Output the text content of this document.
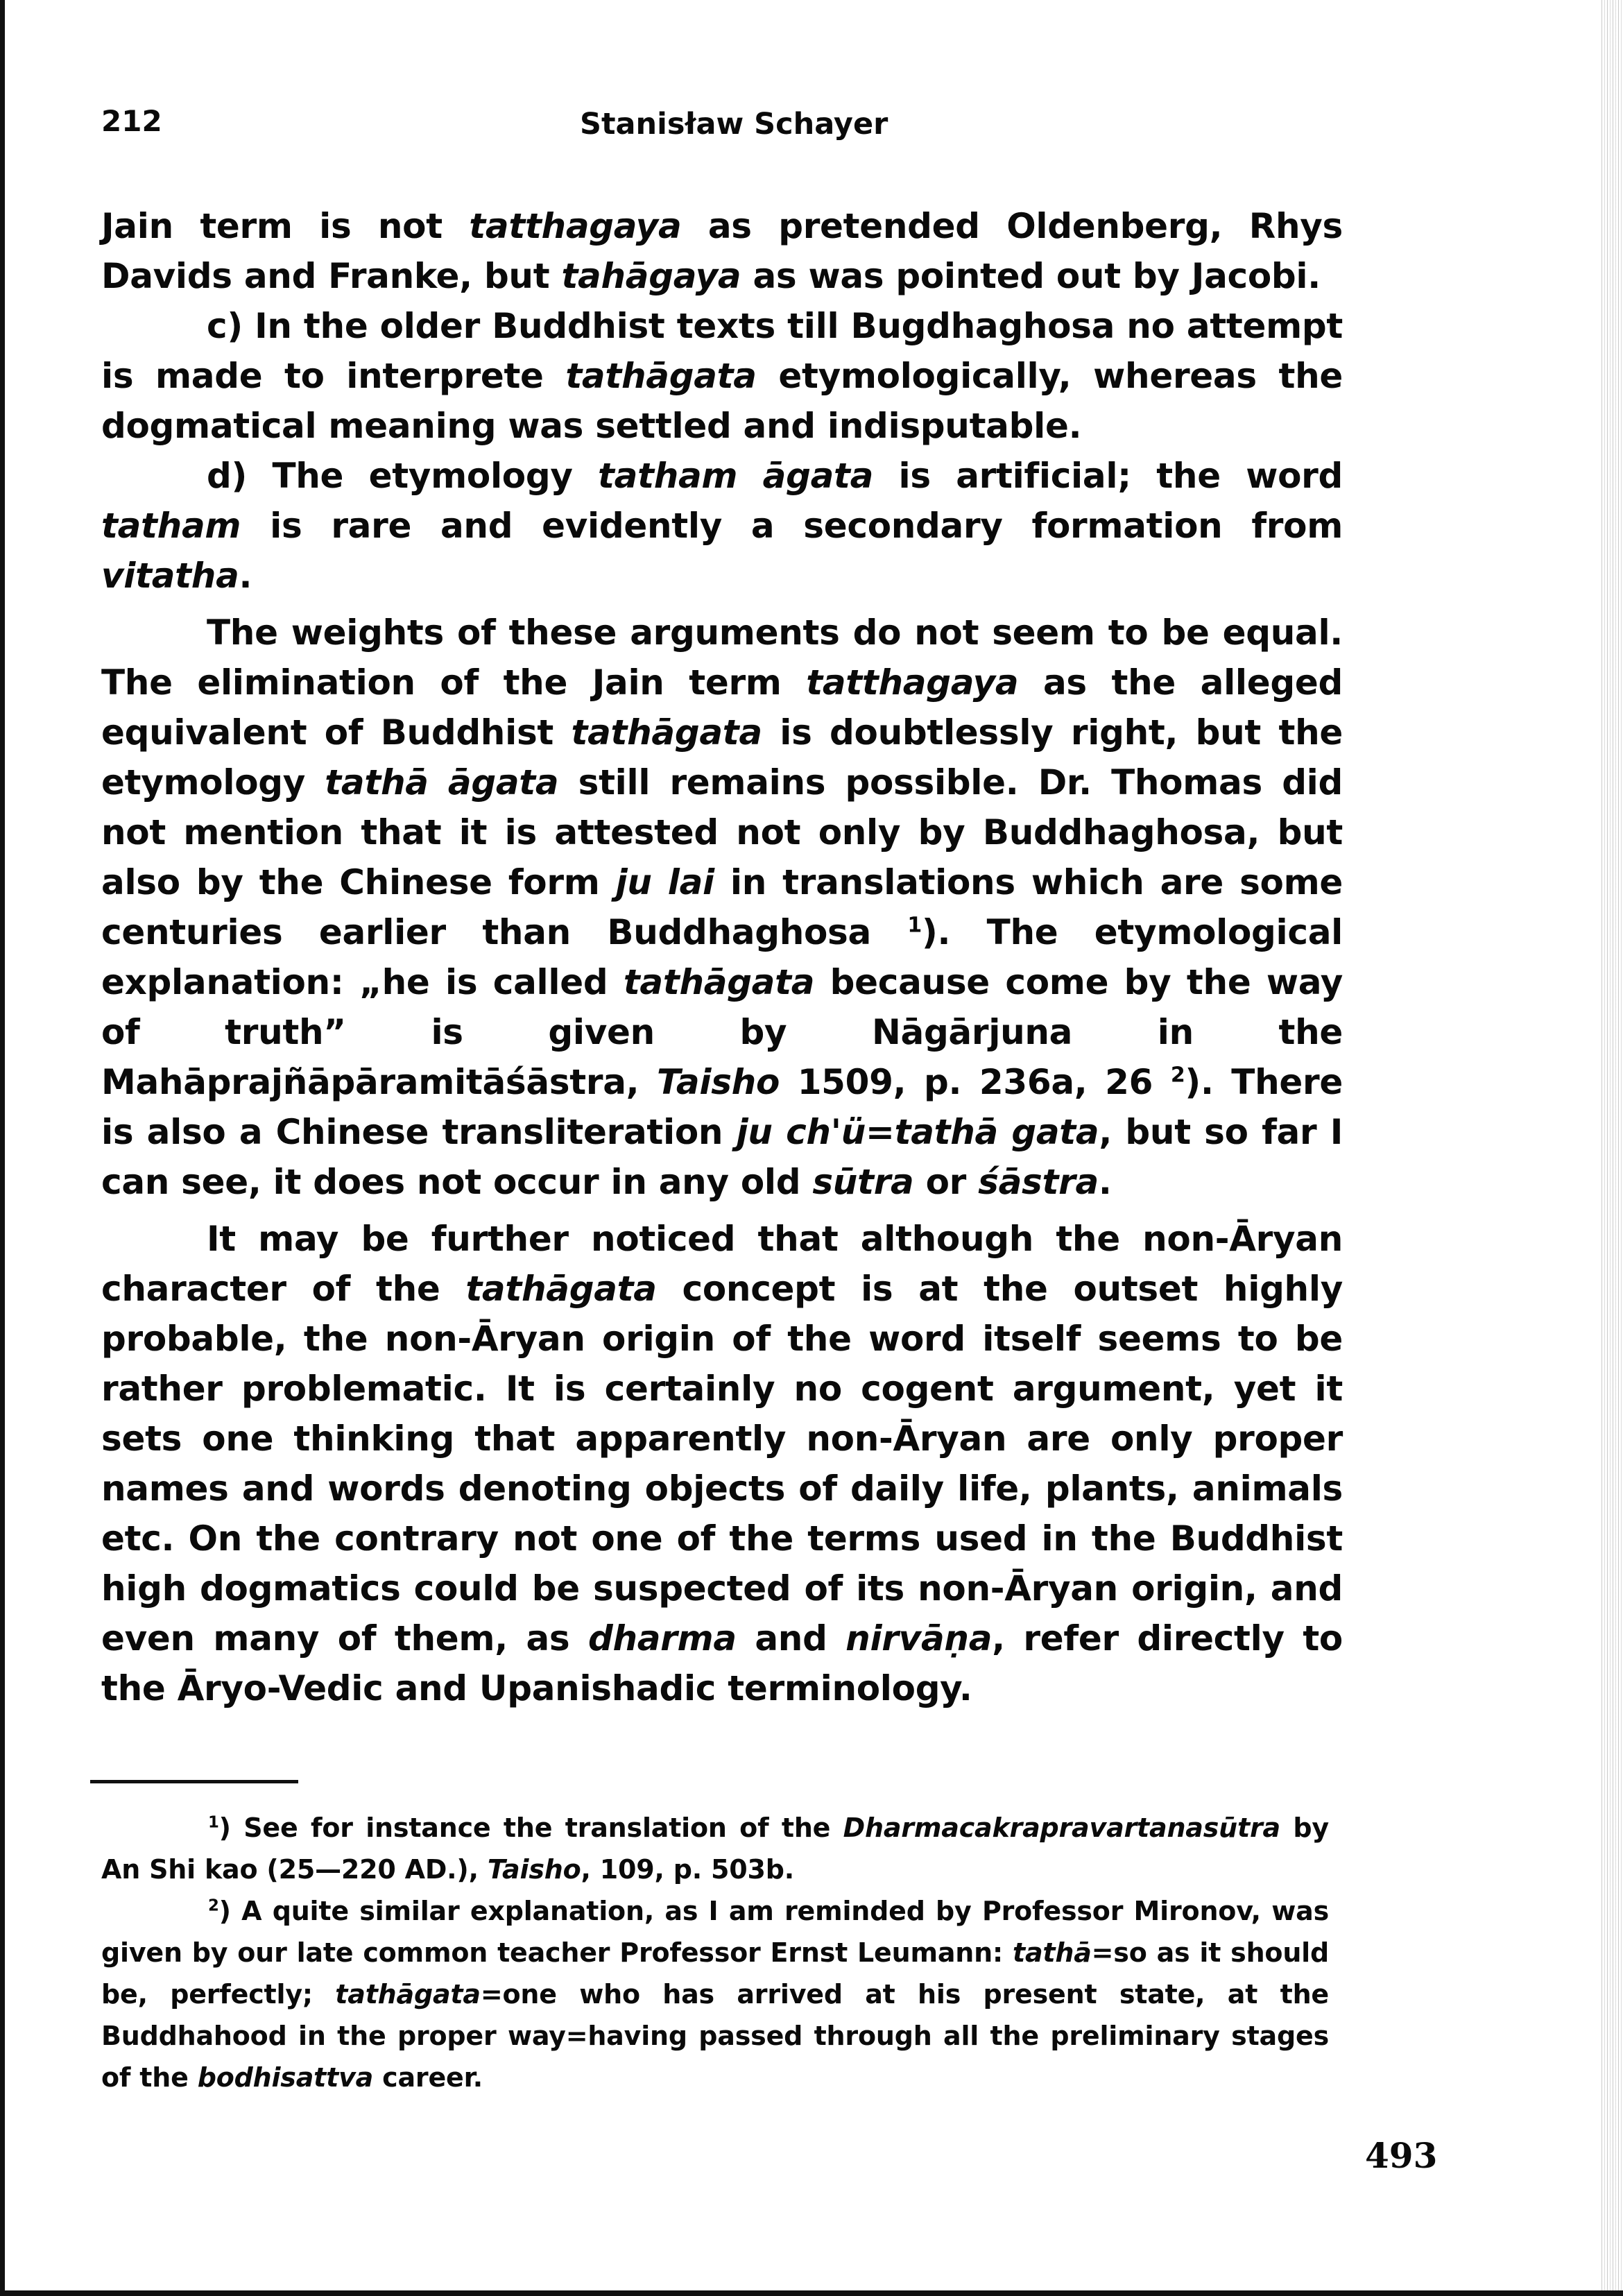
212	Stanisław Schayer

Jain term is not tatthagaya as pretended Oldenberg, Rhys Davids and Franke, but tahāgaya as was pointed out by Jacobi.

c) In the older Buddhist texts till Bugdhaghosa no attempt is made to interprete tathāgata etymologically, whereas the dogmatical meaning was settled and indisputable.

d) The etymology tatham āgata is artificial; the word tatham is rare and evidently a secondary formation from vitatha.

The weights of these arguments do not seem to be equal. The elimination of the Jain term tatthagaya as the alleged equivalent of Buddhist tathāgata is doubtlessly right, but the etymology tathā āgata still remains possible. Dr. Thomas did not mention that it is attested not only by Buddhaghosa, but also by the Chinese form ju lai in translations which are some centuries earlier than Buddhaghosa $^1$). The etymological explanation: „he is called tathāgata because come by the way of truth” is given by Nāgārjuna in the Mahāprajñāpāramitāśāstra, Taisho 1509, p. 236a, 26 $^2$). There is also a Chinese transliteration ju ch'ü=tathā gata, but so far I can see, it does not occur in any old sūtra or śāstra.

It may be further noticed that although the non-Āryan character of the tathāgata concept is at the outset highly probable, the non-Āryan origin of the word itself seems to be rather problematic. It is certainly no cogent argument, yet it sets one thinking that apparently non-Āryan are only proper names and words denoting objects of daily life, plants, animals etc. On the contrary not one of the terms used in the Buddhist high dogmatics could be suspected of its non-Āryan origin, and even many of them, as dharma and nirvāṇa, refer directly to the Āryo-Vedic and Upanishadic terminology.

$^1$) See for instance the translation of the Dharmacakrapravartanasūtra by An Shi kao (25—220 AD.), Taisho, 109, p. 503b.

$^2$) A quite similar explanation, as I am reminded by Professor Mironov, was given by our late common teacher Professor Ernst Leumann: tathā=so as it should be, perfectly; tathāgata=one who has arrived at his present state, at the Buddhahood in the proper way=having passed through all the preliminary stages of the bodhisattva career.

493
